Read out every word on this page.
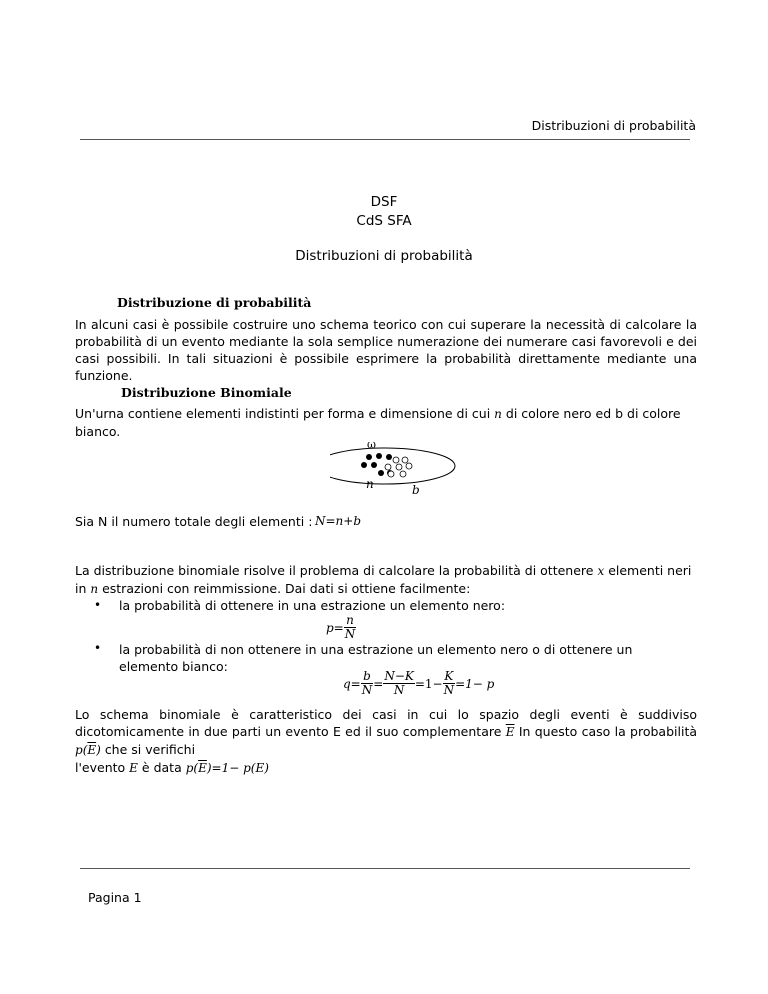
Distribuzioni di probabilità
DSF
CdS SFA
Distribuzioni di probabilità
Distribuzione di probabilità
In alcuni casi è possibile costruire uno schema teorico con cui superare la necessità di calcolare la probabilità di un evento mediante la sola semplice numerazione dei numerare casi favorevoli e dei casi possibili. In tali situazioni è possibile esprimere la probabilità direttamente mediante una funzione.
Distribuzione Binomiale
Un'urna contiene elementi indistinti per forma e dimensione di cui n di colore nero ed b di colore bianco.
ω
n	b
Sia N il numero totale degli elementi : N=n+b
La distribuzione binomiale risolve il problema di calcolare la probabilità di ottenere x elementi neri in n estrazioni con reimmissione. Dai dati si ottiene facilmente:
• la probabilità di ottenere in una estrazione un elemento nero:
$p= \frac{n}{N}$
• la probabilità di non ottenere in una estrazione un elemento nero o di ottenere un elemento bianco:
$q= \frac{b}{N} = \frac{N-K}{N} =1- \frac{K}{N} =1- p$
Lo schema binomiale è caratteristico dei casi in cui lo spazio degli eventi è suddiviso dicotomicamente in due parti un evento E ed il suo complementare $\overline{E}$ In questo caso la probabilità $p(\overline{E})$ che si verifichi
l'evento E è data $p(\overline{E})=1- p(E)$
Pagina 1
